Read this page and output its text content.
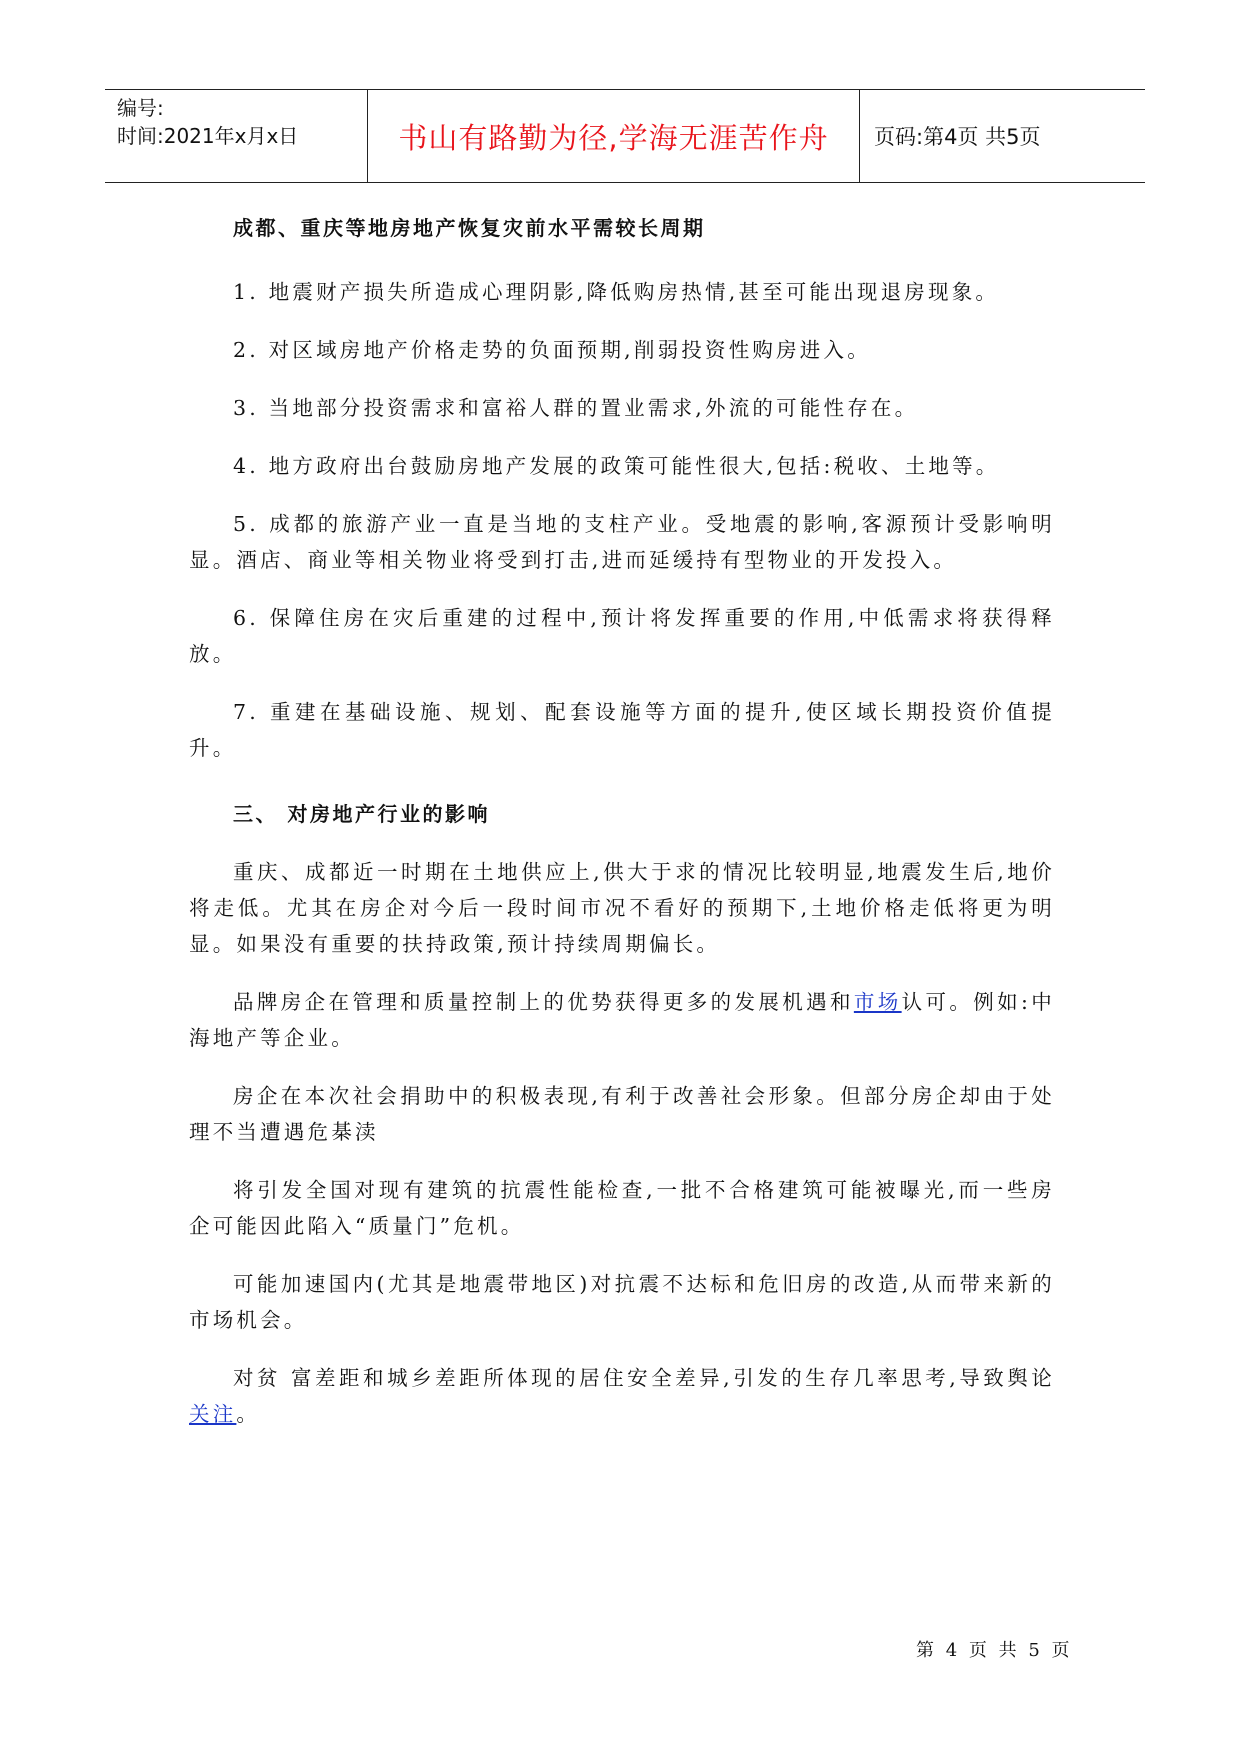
编号:
时间:2021年x月x日	书山有路勤为径,学海无涯苦作舟	页码:第4页 共5页

成都、重庆等地房地产恢复灾前水平需较长周期

1. 地震财产损失所造成心理阴影,降低购房热情,甚至可能出现退房现象。

2. 对区域房地产价格走势的负面预期,削弱投资性购房进入。

3. 当地部分投资需求和富裕人群的置业需求,外流的可能性存在。

4. 地方政府出台鼓励房地产发展的政策可能性很大,包括:税收、土地等。

5. 成都的旅游产业一直是当地的支柱产业。受地震的影响,客源预计受影响明显。酒店、商业等相关物业将受到打击,进而延缓持有型物业的开发投入。

6. 保障住房在灾后重建的过程中,预计将发挥重要的作用,中低需求将获得释放。

7. 重建在基础设施、规划、配套设施等方面的提升,使区域长期投资价值提升。

三、 对房地产行业的影响

重庆、成都近一时期在土地供应上,供大于求的情况比较明显,地震发生后,地价将走低。尤其在房企对今后一段时间市况不看好的预期下,土地价格走低将更为明显。如果没有重要的扶持政策,预计持续周期偏长。

品牌房企在管理和质量控制上的优势获得更多的发展机遇和市场认可。例如:中海地产等企业。

房企在本次社会捐助中的积极表现,有利于改善社会形象。但部分房企却由于处理不当遭遇危棊渎

将引发全国对现有建筑的抗震性能检查,一批不合格建筑可能被曝光,而一些房企可能因此陷入“质量门”危机。

可能加速国内(尤其是地震带地区)对抗震不达标和危旧房的改造,从而带来新的市场机会。

对贫 富差距和城乡差距所体现的居住安全差异,引发的生存几率思考,导致舆论关注。

第 4 页 共 5 页
